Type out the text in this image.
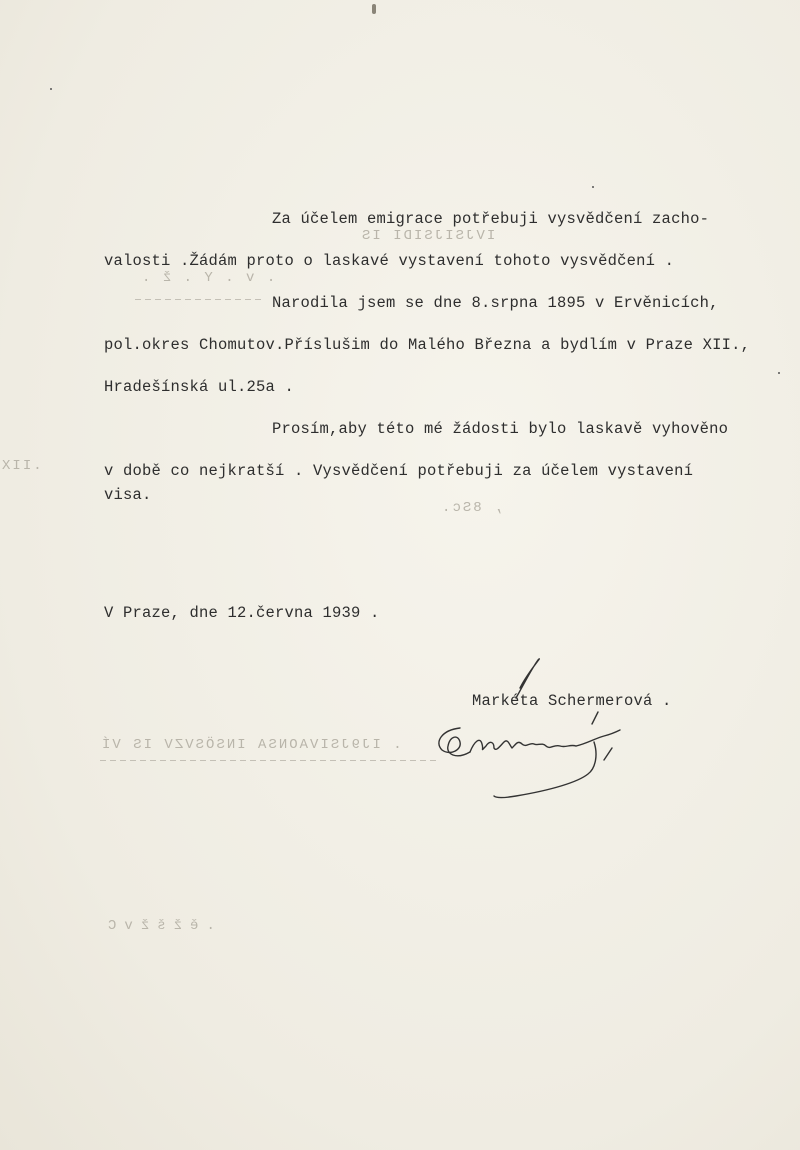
IVJSIJSIDI IS
. v . Y . ž .
.IIX
, 8Sc.
. IJ9JSIVAONSA INSÖSVZV IS VÍ
.ěžšžvC
Za účelem emigrace potřebuji vysvědčení zacho-
valosti .Žádám proto o laskavé vystavení tohoto vysvědčení .
Narodila jsem se dne 8.srpna 1895 v Ervěnicích,
pol.okres Chomutov.Příslušim do Malého Března a bydlím v Praze XII.,
Hradešínská ul.25a .
Prosím,aby této mé žádosti bylo laskavě vyhověno
v době co nejkratší . Vysvědčení potřebuji za účelem vystavení
visa.
V Praze, dne 12.června 1939 .
Markéta Schermerová .
